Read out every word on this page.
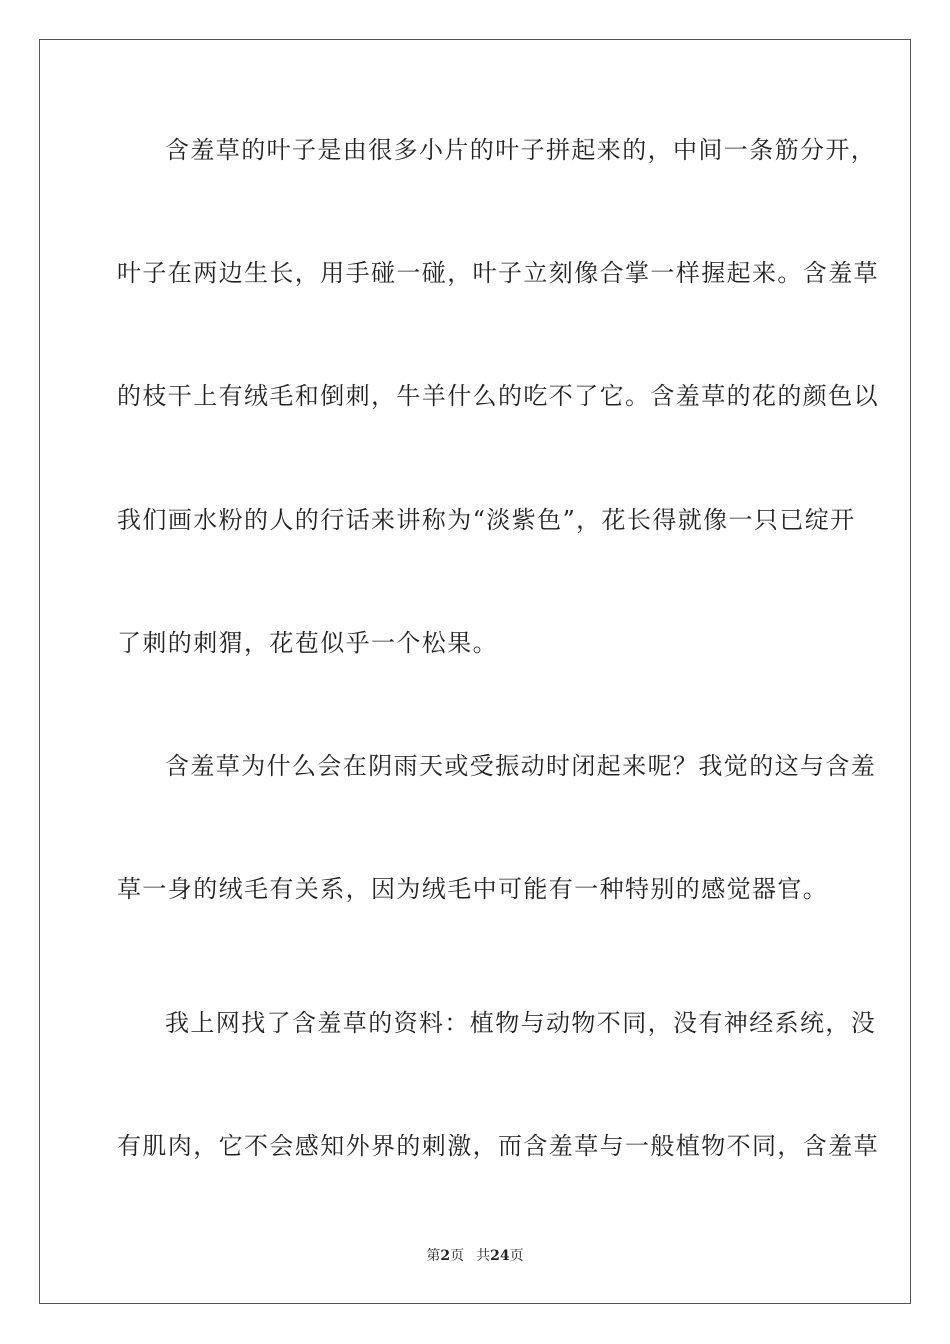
含羞草的叶子是由很多小片的叶子拼起来的，中间一条筋分开，
叶子在两边生长，用手碰一碰，叶子立刻像合掌一样握起来。含羞草
的枝干上有绒毛和倒刺，牛羊什么的吃不了它。含羞草的花的颜色以
我们画水粉的人的行话来讲称为“淡紫色”，花长得就像一只已绽开
了刺的刺猬，花苞似乎一个松果。
含羞草为什么会在阴雨天或受振动时闭起来呢？我觉的这与含羞
草一身的绒毛有关系，因为绒毛中可能有一种特别的感觉器官。
我上网找了含羞草的资料：植物与动物不同，没有神经系统，没
有肌肉，它不会感知外界的刺激，而含羞草与一般植物不同，含羞草
第2页 共24页
